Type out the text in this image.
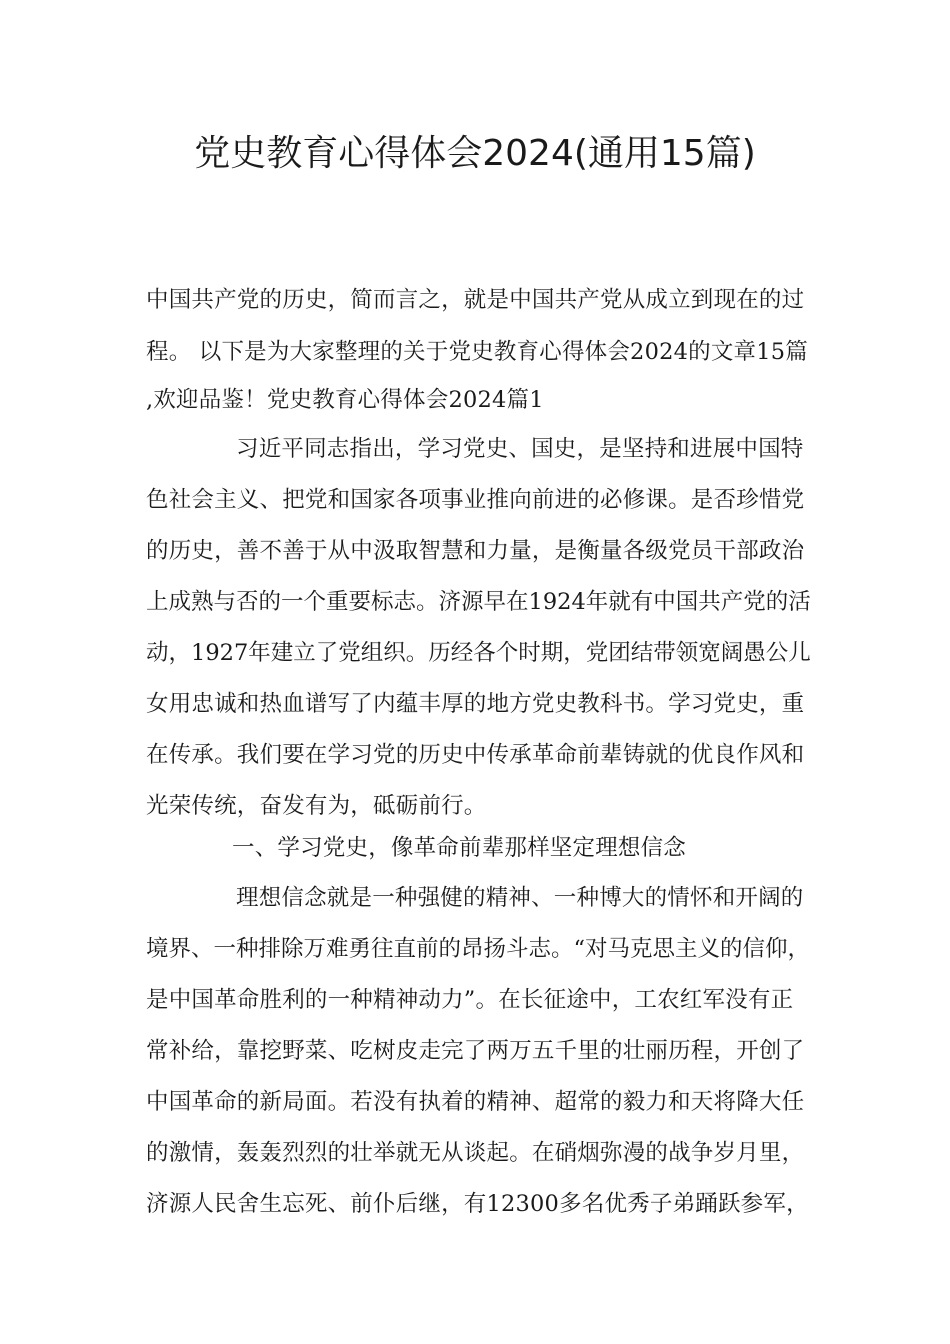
党史教育心得体会2024(通用15篇)
中国共产党的历史，简而言之，就是中国共产党从成立到现在的过
程。 以下是为大家整理的关于党史教育心得体会2024的文章15篇
,欢迎品鉴！党史教育心得体会2024篇1
习近平同志指出，学习党史、国史，是坚持和进展中国特
色社会主义、把党和国家各项事业推向前进的必修课。是否珍惜党
的历史，善不善于从中汲取智慧和力量，是衡量各级党员干部政治
上成熟与否的一个重要标志。济源早在1924年就有中国共产党的活
动，1927年建立了党组织。历经各个时期，党团结带领宽阔愚公儿
女用忠诚和热血谱写了内蕴丰厚的地方党史教科书。学习党史，重
在传承。我们要在学习党的历史中传承革命前辈铸就的优良作风和
光荣传统，奋发有为，砥砺前行。
一、学习党史，像革命前辈那样坚定理想信念
理想信念就是一种强健的精神、一种博大的情怀和开阔的
境界、一种排除万难勇往直前的昂扬斗志。“对马克思主义的信仰，
是中国革命胜利的一种精神动力”。在长征途中，工农红军没有正
常补给，靠挖野菜、吃树皮走完了两万五千里的壮丽历程，开创了
中国革命的新局面。若没有执着的精神、超常的毅力和天将降大任
的激情，轰轰烈烈的壮举就无从谈起。在硝烟弥漫的战争岁月里，
济源人民舍生忘死、前仆后继，有12300多名优秀子弟踊跃参军，
